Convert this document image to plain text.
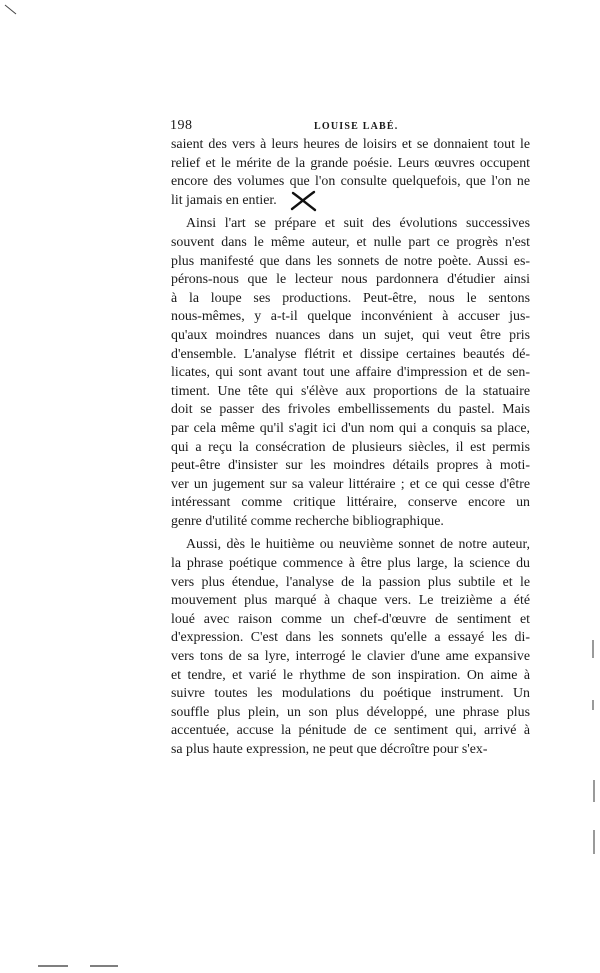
198	LOUISE LABÉ.
saient des vers à leurs heures de loisirs et se donnaient tout le
relief et le mérite de la grande poésie. Leurs œuvres occupent
encore des volumes que l'on consulte quelquefois, que l'on ne
lit jamais en entier.
Ainsi l'art se prépare et suit des évolutions successives
souvent dans le même auteur, et nulle part ce progrès n'est
plus manifesté que dans les sonnets de notre poète. Aussi es-
pérons-nous que le lecteur nous pardonnera d'étudier ainsi
à la loupe ses productions. Peut-être, nous le sentons
nous-mêmes, y a-t-il quelque inconvénient à accuser jus-
qu'aux moindres nuances dans un sujet, qui veut être pris
d'ensemble. L'analyse flétrit et dissipe certaines beautés dé-
licates, qui sont avant tout une affaire d'impression et de sen-
timent. Une tête qui s'élève aux proportions de la statuaire
doit se passer des frivoles embellissements du pastel. Mais
par cela même qu'il s'agit ici d'un nom qui a conquis sa place,
qui a reçu la consécration de plusieurs siècles, il est permis
peut-être d'insister sur les moindres détails propres à moti-
ver un jugement sur sa valeur littéraire ; et ce qui cesse d'être
intéressant comme critique littéraire, conserve encore un
genre d'utilité comme recherche bibliographique.
Aussi, dès le huitième ou neuvième sonnet de notre auteur,
la phrase poétique commence à être plus large, la science du
vers plus étendue, l'analyse de la passion plus subtile et le
mouvement plus marqué à chaque vers. Le treizième a été
loué avec raison comme un chef-d'œuvre de sentiment et
d'expression. C'est dans les sonnets qu'elle a essayé les di-
vers tons de sa lyre, interrogé le clavier d'une ame expansive
et tendre, et varié le rhythme de son inspiration. On aime à
suivre toutes les modulations du poétique instrument. Un
souffle plus plein, un son plus développé, une phrase plus
accentuée, accuse la pénitude de ce sentiment qui, arrivé à
sa plus haute expression, ne peut que décroître pour s'ex-
